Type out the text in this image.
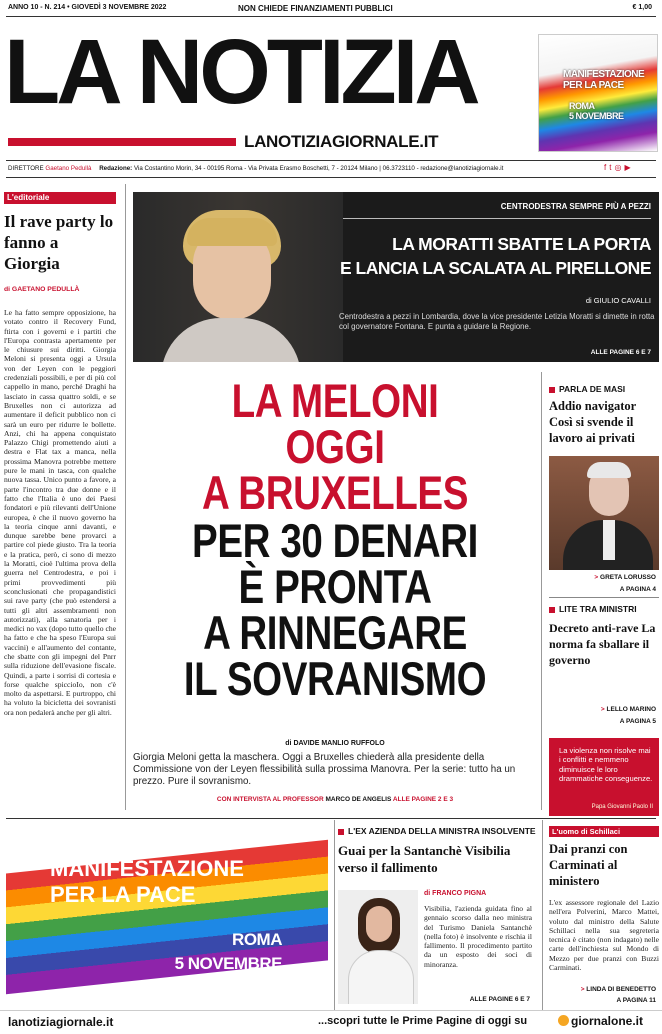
ANNO 10 - N. 214 • GIOVEDÌ 3 NOVEMBRE 2022	NON CHIEDE FINANZIAMENTI PUBBLICI	€ 1,00
LA NOTIZIA
LANOTIZIAGIORNALE.IT
MANIFESTAZIONE
PER LA PACE
ROMA
5 NOVEMBRE
DIRETTORE Gaetano Pedullà Redazione: Via Costantino Morin, 34 - 00195 Roma - Via Privata Erasmo Boschetti, 7 - 20124 Milano | 06.3723110 - redazione@lanotiziagiornale.it	ft◎▶
L'editoriale
Il rave party lo fanno a Giorgia
di GAETANO PEDULLÀ
Le ha fatto sempre opposizione, ha votato contro il Recovery Fund, ftirta con i governi e i partiti che l'Europa contrasta apertamente per le chiusure sui diritti. Giorgia Meloni si presenta oggi a Ursula von der Leyen con le peggiori credenziali possibili, e per di più col cappello in mano, perché Draghi ha lasciato in cassa quattro soldi, e se Bruxelles non ci autorizza ad aumentare il deficit pubblico non ci sarà un euro per ridurre le bollette. Anzi, chi ha appena conquistato Palazzo Chigi promettendo aiuti a destra e Flat tax a manca, nella prossima Manovra potrebbe mettere pure le mani in tasca, con qualche nuova tassa. Unico punto a favore, a parte l'incontro tra due donne e il fatto che l'Italia è uno dei Paesi fondatori e più rilevanti dell'Unione europea, è che il nuovo governo ha la teoria cinque anni davanti, e dunque sarebbe bene provarci a partire col piede giusto. Tra la teoria e la pratica, però, ci sono di mezzo la Moratti, cioè l'ultima prova della guerra nel Centrodestra, e poi i primi provvedimenti più sconclusionati che propagandistici sui rave party (che può estendersi a tutti gli altri assembramenti non autorizzati), alla sanatoria per i medici no vax (dopo tutto quello che ha fatto e che ha speso l'Europa sui vaccini) e all'aumento del contante, che sbatte con gli impegni del Pnrr sulla riduzione dell'evasione fiscale. Quindi, a parte i sorrisi di cortesia e forse qualche spiccioIo, non c'è molto da aspettarsi. E purtroppo, chi ha voluto la bicicletta dei sovranisti ora non pedalerà anche per gli altri.
CENTRODESTRA SEMPRE PIÙ A PEZZI
LA MORATTI SBATTE LA PORTA
E LANCIA LA SCALATA AL PIRELLONE
di GIULIO CAVALLI
Centrodestra a pezzi in Lombardia, dove la vice presidente Letizia Moratti si dimette in rotta col governatore Fontana. E punta a guidare la Regione.
ALLE PAGINE 6 E 7
LA MELONI
OGGI
A BRUXELLES
PER 30 DENARI
È PRONTA
A RINNEGARE
IL SOVRANISMO
di DAVIDE MANLIO RUFFOLO
Giorgia Meloni getta la maschera. Oggi a Bruxelles chiederà alla presidente della Commissione von der Leyen flessibilità sulla prossima Manovra. Per la serie: tutto ha un prezzo. Pure il sovranismo.
CON INTERVISTA AL PROFESSOR MARCO DE ANGELIS ALLE PAGINE 2 E 3
PARLA DE MASI
Addio navigator Così si svende il lavoro ai privati
> GRETA LORUSSO
A PAGINA 4
LITE TRA MINISTRI
Decreto anti-rave La norma fa sballare il governo
> LELLO MARINO
A PAGINA 5
La violenza non risolve mai i conflitti e nemmeno diminuisce le loro drammatiche conseguenze.
Papa Giovanni Paolo II
MANIFESTAZIONE
PER LA PACE
ROMA
5 NOVEMBRE
L'EX AZIENDA DELLA MINISTRA INSOLVENTE
Guai per la Santanchè Visibilia verso il fallimento
di FRANCO PIGNA
Visibilia, l'azienda guidata fino al gennaio scorso dalla neo ministra del Turismo Daniela Santanchè (nella foto) è insolvente e rischia il fallimento. Il procedimento partito da un esposto dei soci di minoranza.
ALLE PAGINE 6 E 7
L'uomo di Schillaci
Dai pranzi con Carminati al ministero
L'ex assessore regionale del Lazio nell'era Polverini, Marco Mattei, voluto dal ministro della Salute Schillaci nella sua segreteria tecnica è citato (non indagato) nelle carte dell'inchiesta sul Mondo di Mezzo per due pranzi con Buzzi Carminati.
> LINDA DI BENEDETTO
A PAGINA 11
lanotiziagiornale.it	...scopri tutte le Prime Pagine di oggi su	giornalone.it
